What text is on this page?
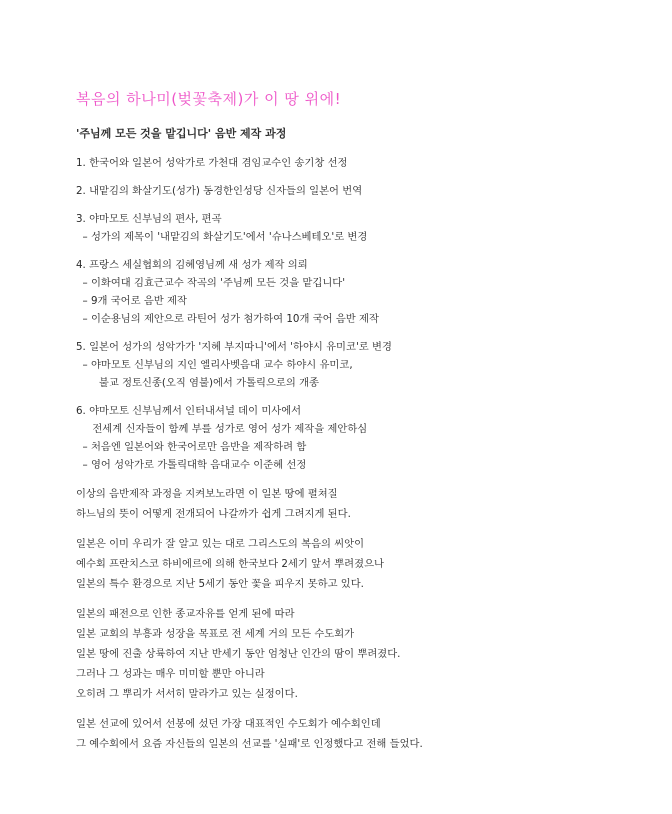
복음의 하나미(벚꽃축제)가 이 땅 위에!
'주님께 모든 것을 맡깁니다' 음반 제작 과정
1. 한국어와 일본어 성악가로 가천대 겸임교수인 송기창 선정
2. 내맡김의 화살기도(성가) 동경한인성당 신자들의 일본어 번역
3. 야마모토 신부님의 편사, 편곡
– 성가의 제목이 '내맡김의 화살기도'에서 '슈나스베테오'로 변경
4. 프랑스 세실협회의 김혜영님께 새 성가 제작 의뢰
– 이화여대 김효근교수 작곡의 '주님께 모든 것을 맡깁니다'
– 9개 국어로 음반 제작
– 이순용님의 제안으로 라틴어 성가 첨가하여 10개 국어 음반 제작
5. 일본어 성가의 성악가가 '지혜 부지따니'에서 '하야시 유미코'로 변경
– 야마모토 신부님의 지인 엘리사벳음대 교수 하야시 유미코,
불교 정토신종(오직 염불)에서 가톨릭으로의 개종
6. 야마모토 신부님께서 인터내셔널 데이 미사에서
전세계 신자들이 함께 부를 성가로 영어 성가 제작을 제안하심
– 처음엔 일본어와 한국어로만 음반을 제작하려 함
– 영어 성악가로 가톨릭대학 음대교수 이준혜 선정
이상의 음반제작 과정을 지켜보노라면 이 일본 땅에 펼쳐질
하느님의 뜻이 어떻게 전개되어 나갈까가 쉽게 그려지게 된다.
일본은 이미 우리가 잘 알고 있는 대로 그리스도의 복음의 씨앗이
예수회 프란치스코 하비에르에 의해 한국보다 2세기 앞서 뿌려졌으나
일본의 특수 환경으로 지난 5세기 동안 꽃을 피우지 못하고 있다.
일본의 패전으로 인한 종교자유를 얻게 된에 따라
일본 교회의 부흥과 성장을 목표로 전 세계 거의 모든 수도회가
일본 땅에 진출 상륙하여 지난 반세기 동안 엄청난 인간의 땀이 뿌려졌다.
그러나 그 성과는 매우 미미할 뿐만 아니라
오히려 그 뿌리가 서서히 말라가고 있는 실정이다.
일본 선교에 있어서 선봉에 섰던 가장 대표적인 수도회가 예수회인데
그 예수회에서 요즘 자신들의 일본의 선교를 '실패'로 인정했다고 전해 들었다.
